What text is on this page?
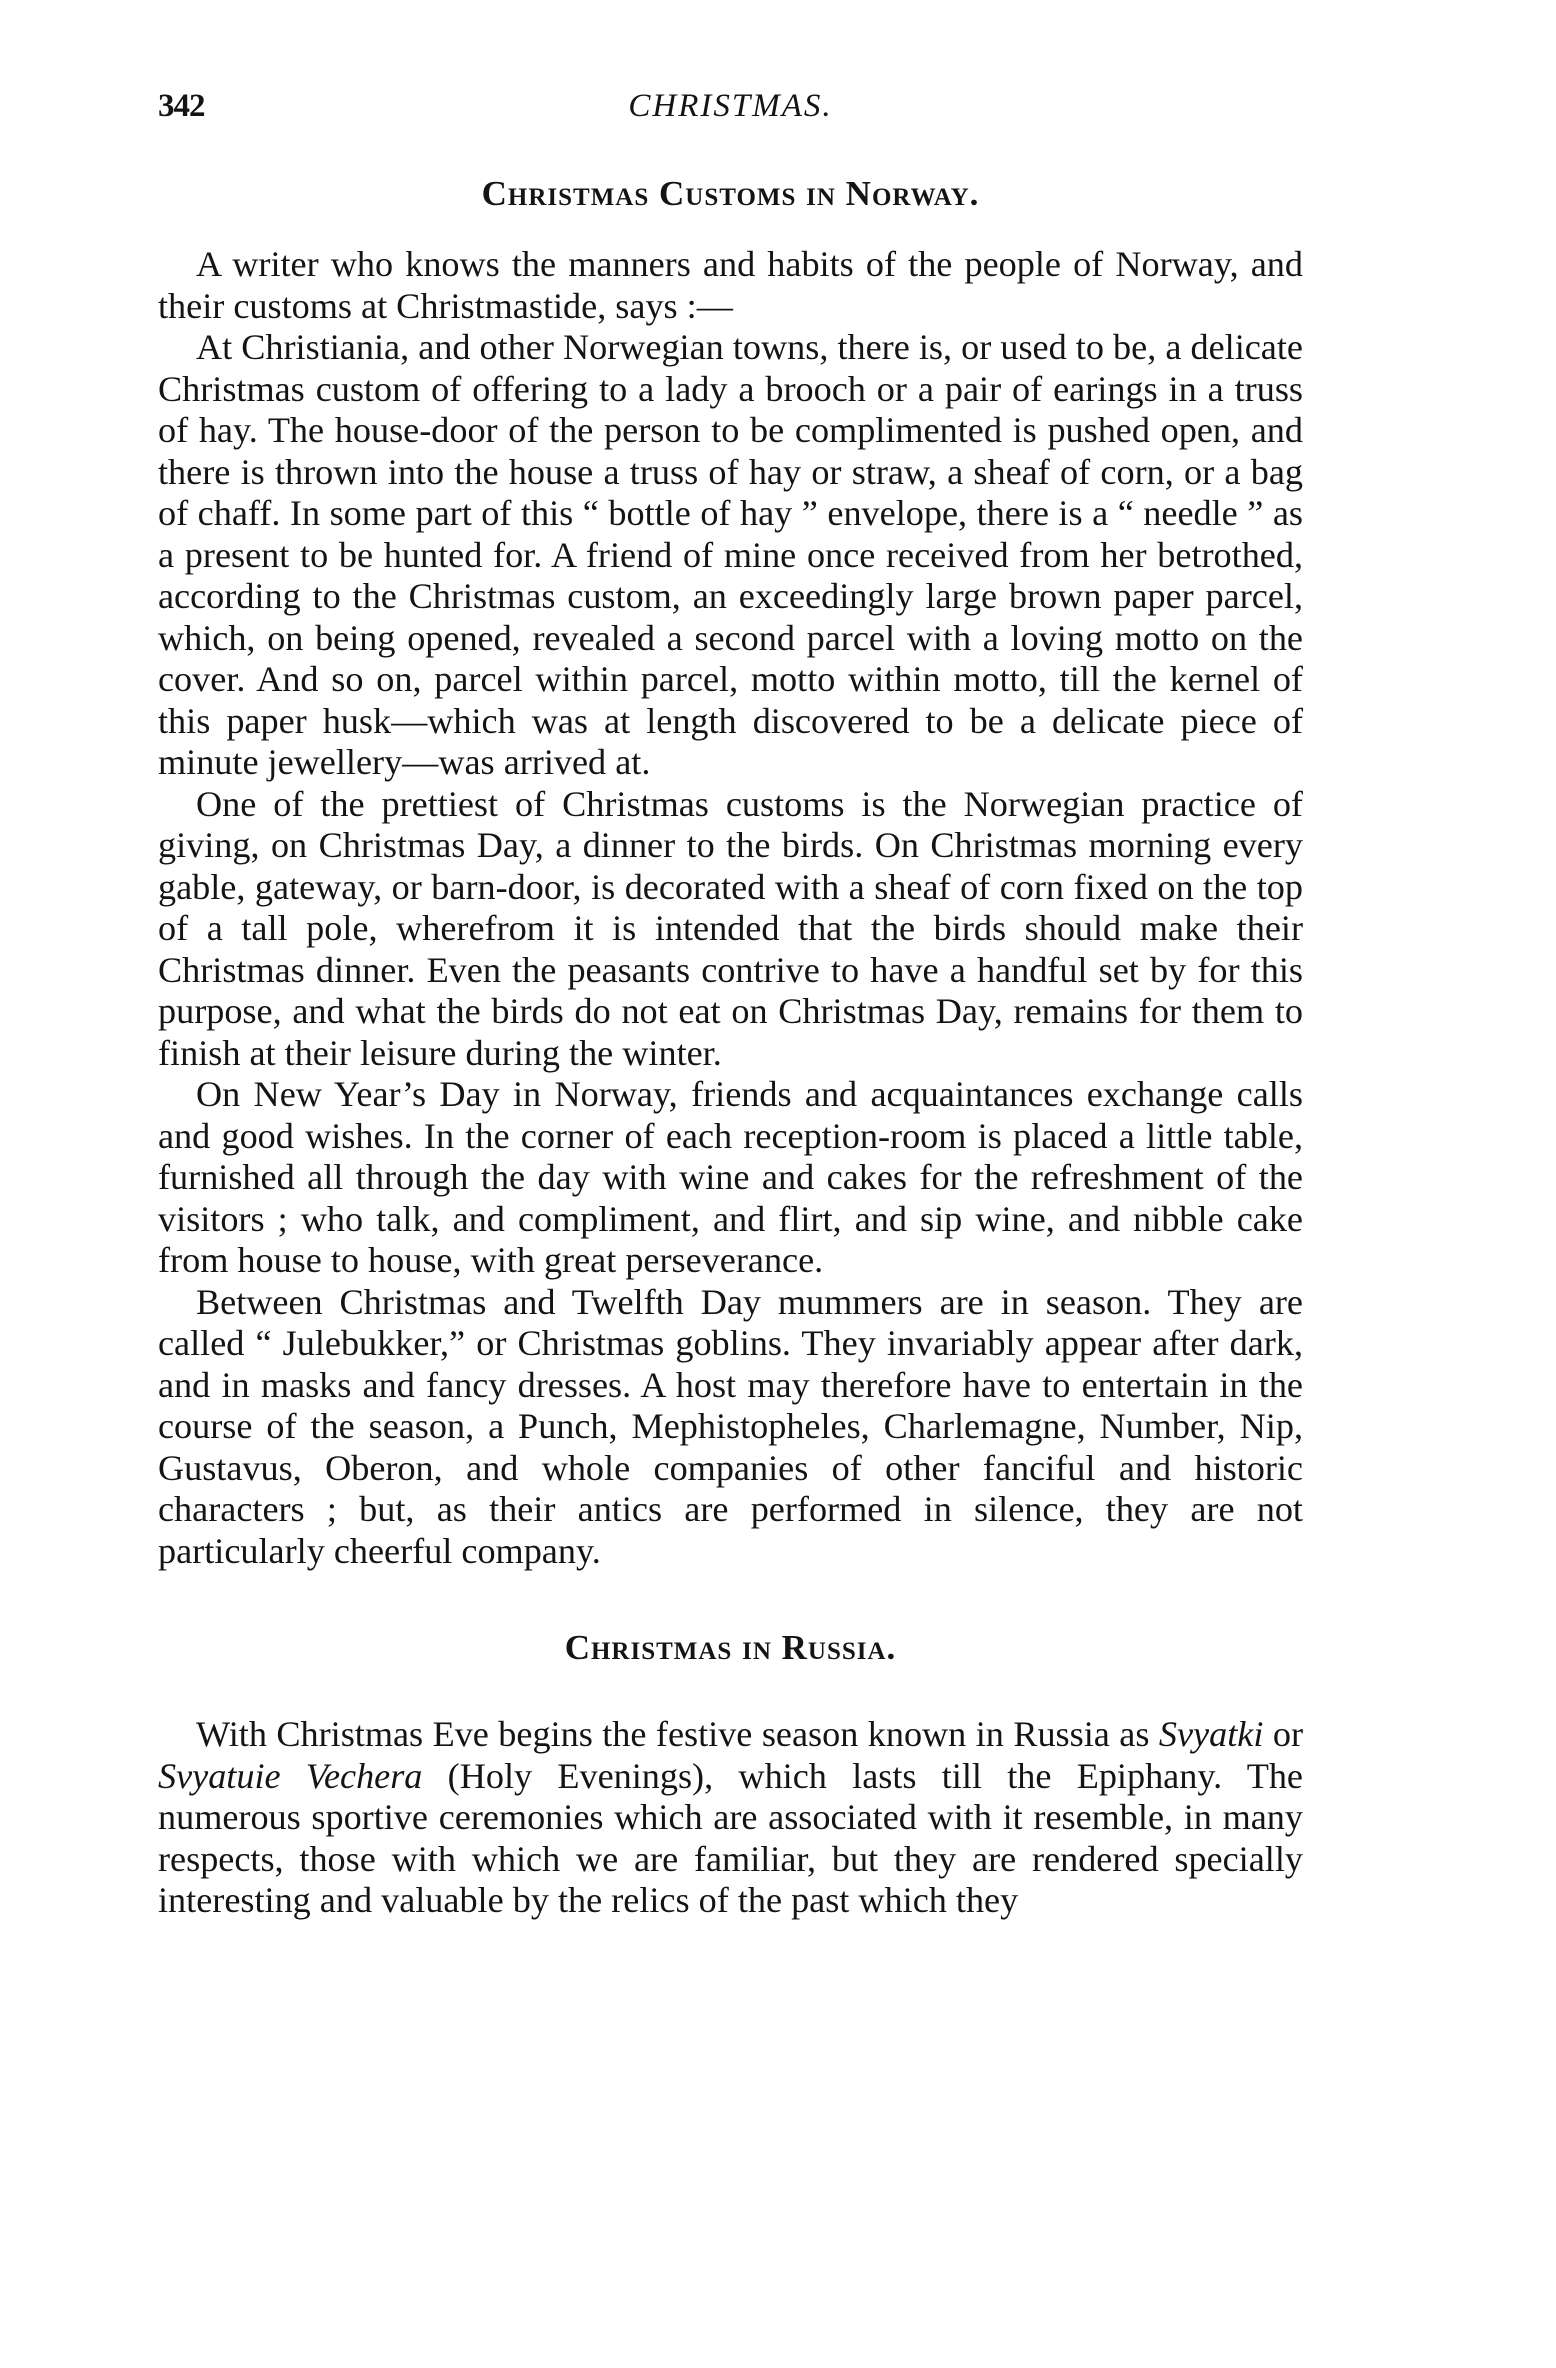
342	CHRISTMAS.
Christmas Customs in Norway.

A writer who knows the manners and habits of the people of Norway, and their customs at Christmastide, says :—

At Christiania, and other Norwegian towns, there is, or used to be, a delicate Christmas custom of offering to a lady a brooch or a pair of earings in a truss of hay. The house-door of the person to be complimented is pushed open, and there is thrown into the house a truss of hay or straw, a sheaf of corn, or a bag of chaff. In some part of this “ bottle of hay ” envelope, there is a “ needle ” as a present to be hunted for. A friend of mine once received from her betrothed, according to the Christmas custom, an exceedingly large brown paper parcel, which, on being opened, revealed a second parcel with a loving motto on the cover. And so on, parcel within parcel, motto within motto, till the kernel of this paper husk—which was at length discovered to be a delicate piece of minute jewellery—was arrived at.

One of the prettiest of Christmas customs is the Norwegian practice of giving, on Christmas Day, a dinner to the birds. On Christmas morning every gable, gateway, or barn-door, is decorated with a sheaf of corn fixed on the top of a tall pole, wherefrom it is intended that the birds should make their Christmas dinner. Even the peasants contrive to have a handful set by for this purpose, and what the birds do not eat on Christmas Day, remains for them to finish at their leisure during the winter.

On New Year’s Day in Norway, friends and acquaintances exchange calls and good wishes. In the corner of each reception-room is placed a little table, furnished all through the day with wine and cakes for the refreshment of the visitors ; who talk, and compliment, and flirt, and sip wine, and nibble cake from house to house, with great perseverance.

Between Christmas and Twelfth Day mummers are in season. They are called “ Julebukker,” or Christmas goblins. They invariably appear after dark, and in masks and fancy dresses. A host may therefore have to entertain in the course of the season, a Punch, Mephistopheles, Charlemagne, Number, Nip, Gustavus, Oberon, and whole companies of other fanciful and historic characters ; but, as their antics are performed in silence, they are not particularly cheerful company.

Christmas in Russia.

With Christmas Eve begins the festive season known in Russia as Svyatki or Svyatuie Vechera (Holy Evenings), which lasts till the Epiphany. The numerous sportive ceremonies which are associated with it resemble, in many respects, those with which we are familiar, but they are rendered specially interesting and valuable by the relics of the past which they
